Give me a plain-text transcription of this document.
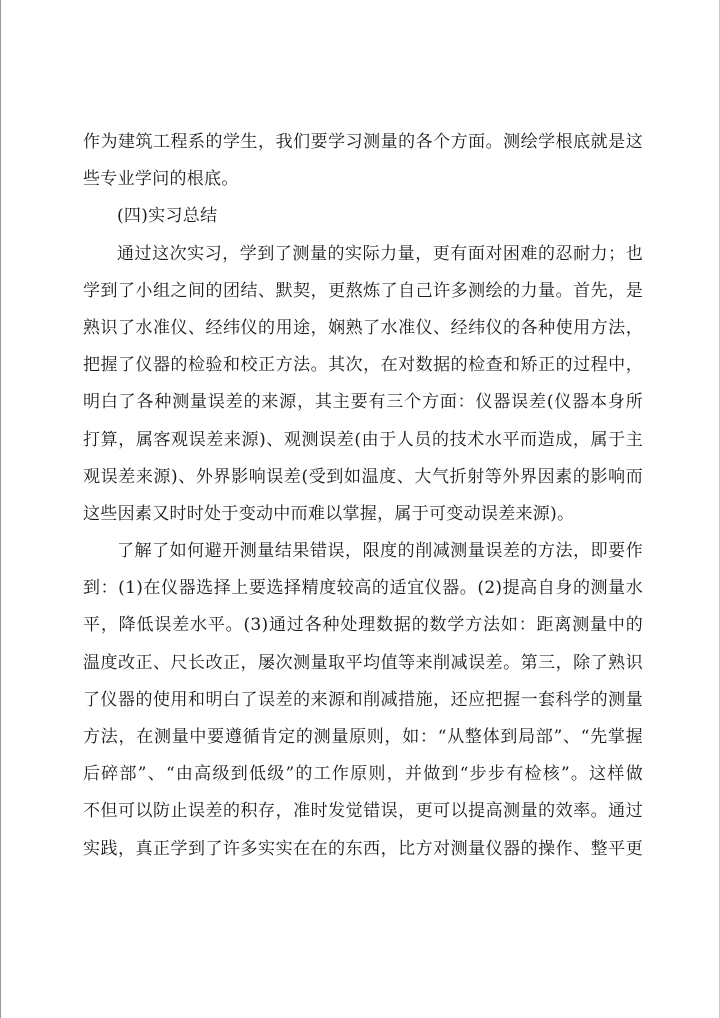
作为建筑工程系的学生，我们要学习测量的各个方面。测绘学根底就是这
些专业学问的根底。
(四)实习总结
通过这次实习，学到了测量的实际力量，更有面对困难的忍耐力；也
学到了小组之间的团结、默契，更熬炼了自己许多测绘的力量。首先，是
熟识了水准仪、经纬仪的用途，娴熟了水准仪、经纬仪的各种使用方法，
把握了仪器的检验和校正方法。其次，在对数据的检查和矫正的过程中，
明白了各种测量误差的来源，其主要有三个方面：仪器误差(仪器本身所
打算，属客观误差来源)、观测误差(由于人员的技术水平而造成，属于主
观误差来源)、外界影响误差(受到如温度、大气折射等外界因素的影响而
这些因素又时时处于变动中而难以掌握，属于可变动误差来源)。
了解了如何避开测量结果错误，限度的削减测量误差的方法，即要作
到：(1)在仪器选择上要选择精度较高的适宜仪器。(2)提高自身的测量水
平，降低误差水平。(3)通过各种处理数据的数学方法如：距离测量中的
温度改正、尺长改正，屡次测量取平均值等来削减误差。第三，除了熟识
了仪器的使用和明白了误差的来源和削减措施，还应把握一套科学的测量
方法，在测量中要遵循肯定的测量原则，如：“从整体到局部”、“先掌握
后碎部”、“由高级到低级”的工作原则，并做到“步步有检核”。这样做
不但可以防止误差的积存，准时发觉错误，更可以提高测量的效率。通过
实践，真正学到了许多实实在在的东西，比方对测量仪器的操作、整平更
